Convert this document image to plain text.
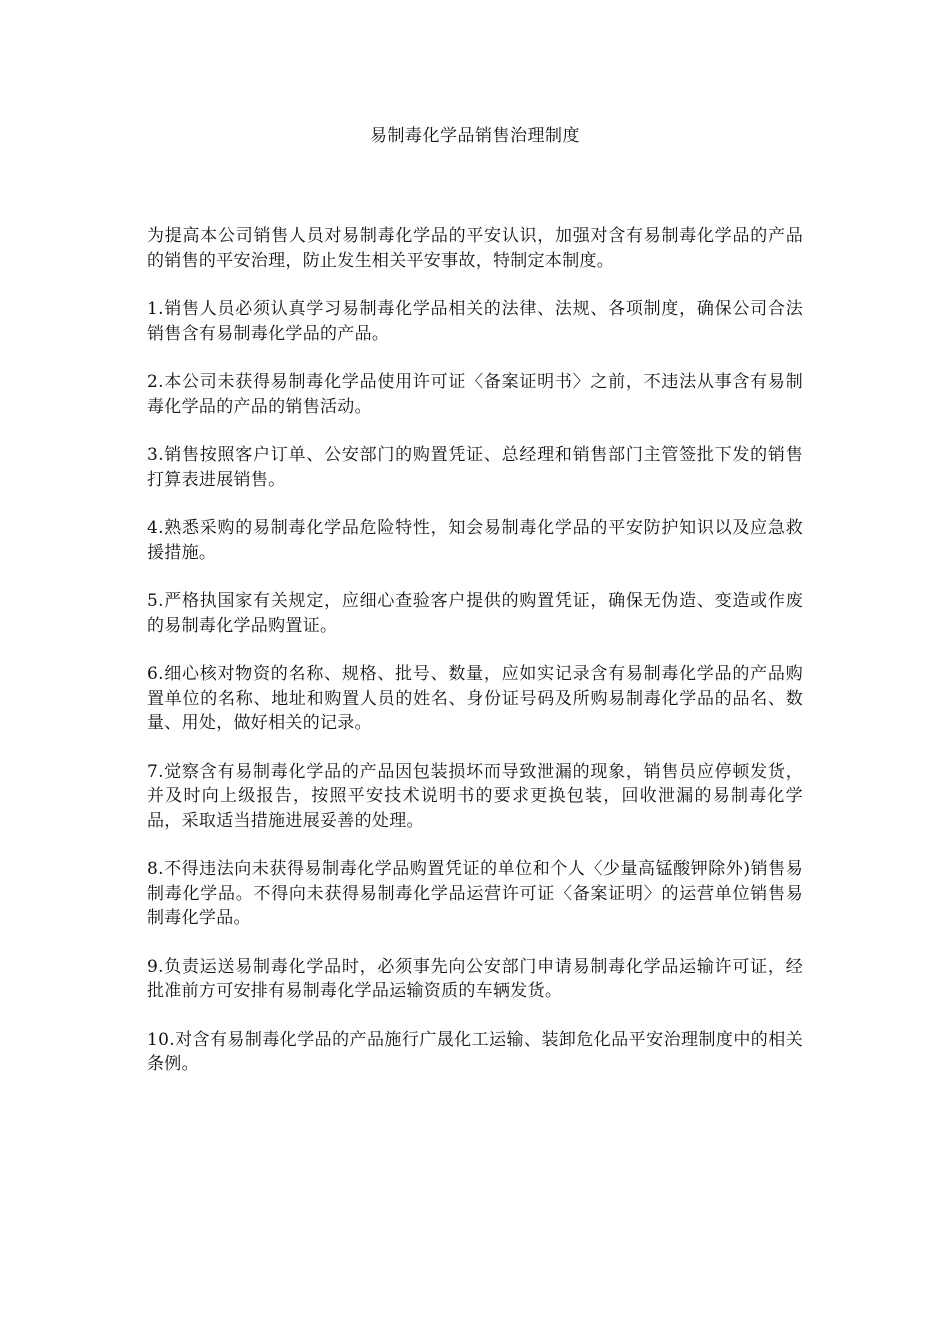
易制毒化学品销售治理制度

为提高本公司销售人员对易制毒化学品的平安认识，加强对含有易制毒化学品的产品的销售的平安治理，防止发生相关平安事故，特制定本制度。

1.销售人员必须认真学习易制毒化学品相关的法律、法规、各项制度，确保公司合法销售含有易制毒化学品的产品。

2.本公司未获得易制毒化学品使用许可证〈备案证明书〉之前，不违法从事含有易制毒化学品的产品的销售活动。

3.销售按照客户订单、公安部门的购置凭证、总经理和销售部门主管签批下发的销售打算表进展销售。

4.熟悉采购的易制毒化学品危险特性，知会易制毒化学品的平安防护知识以及应急救援措施。

5.严格执国家有关规定，应细心查验客户提供的购置凭证，确保无伪造、变造或作废的易制毒化学品购置证。

6.细心核对物资的名称、规格、批号、数量，应如实记录含有易制毒化学品的产品购置单位的名称、地址和购置人员的姓名、身份证号码及所购易制毒化学品的品名、数量、用处，做好相关的记录。

7.觉察含有易制毒化学品的产品因包装损坏而导致泄漏的现象，销售员应停顿发货，并及时向上级报告，按照平安技术说明书的要求更换包装，回收泄漏的易制毒化学品，采取适当措施进展妥善的处理。

8.不得违法向未获得易制毒化学品购置凭证的单位和个人〈少量高锰酸钾除外)销售易制毒化学品。不得向未获得易制毒化学品运营许可证〈备案证明〉的运营单位销售易制毒化学品。

9.负责运送易制毒化学品时，必须事先向公安部门申请易制毒化学品运输许可证，经批准前方可安排有易制毒化学品运输资质的车辆发货。

10.对含有易制毒化学品的产品施行广晟化工运输、装卸危化品平安治理制度中的相关条例。
